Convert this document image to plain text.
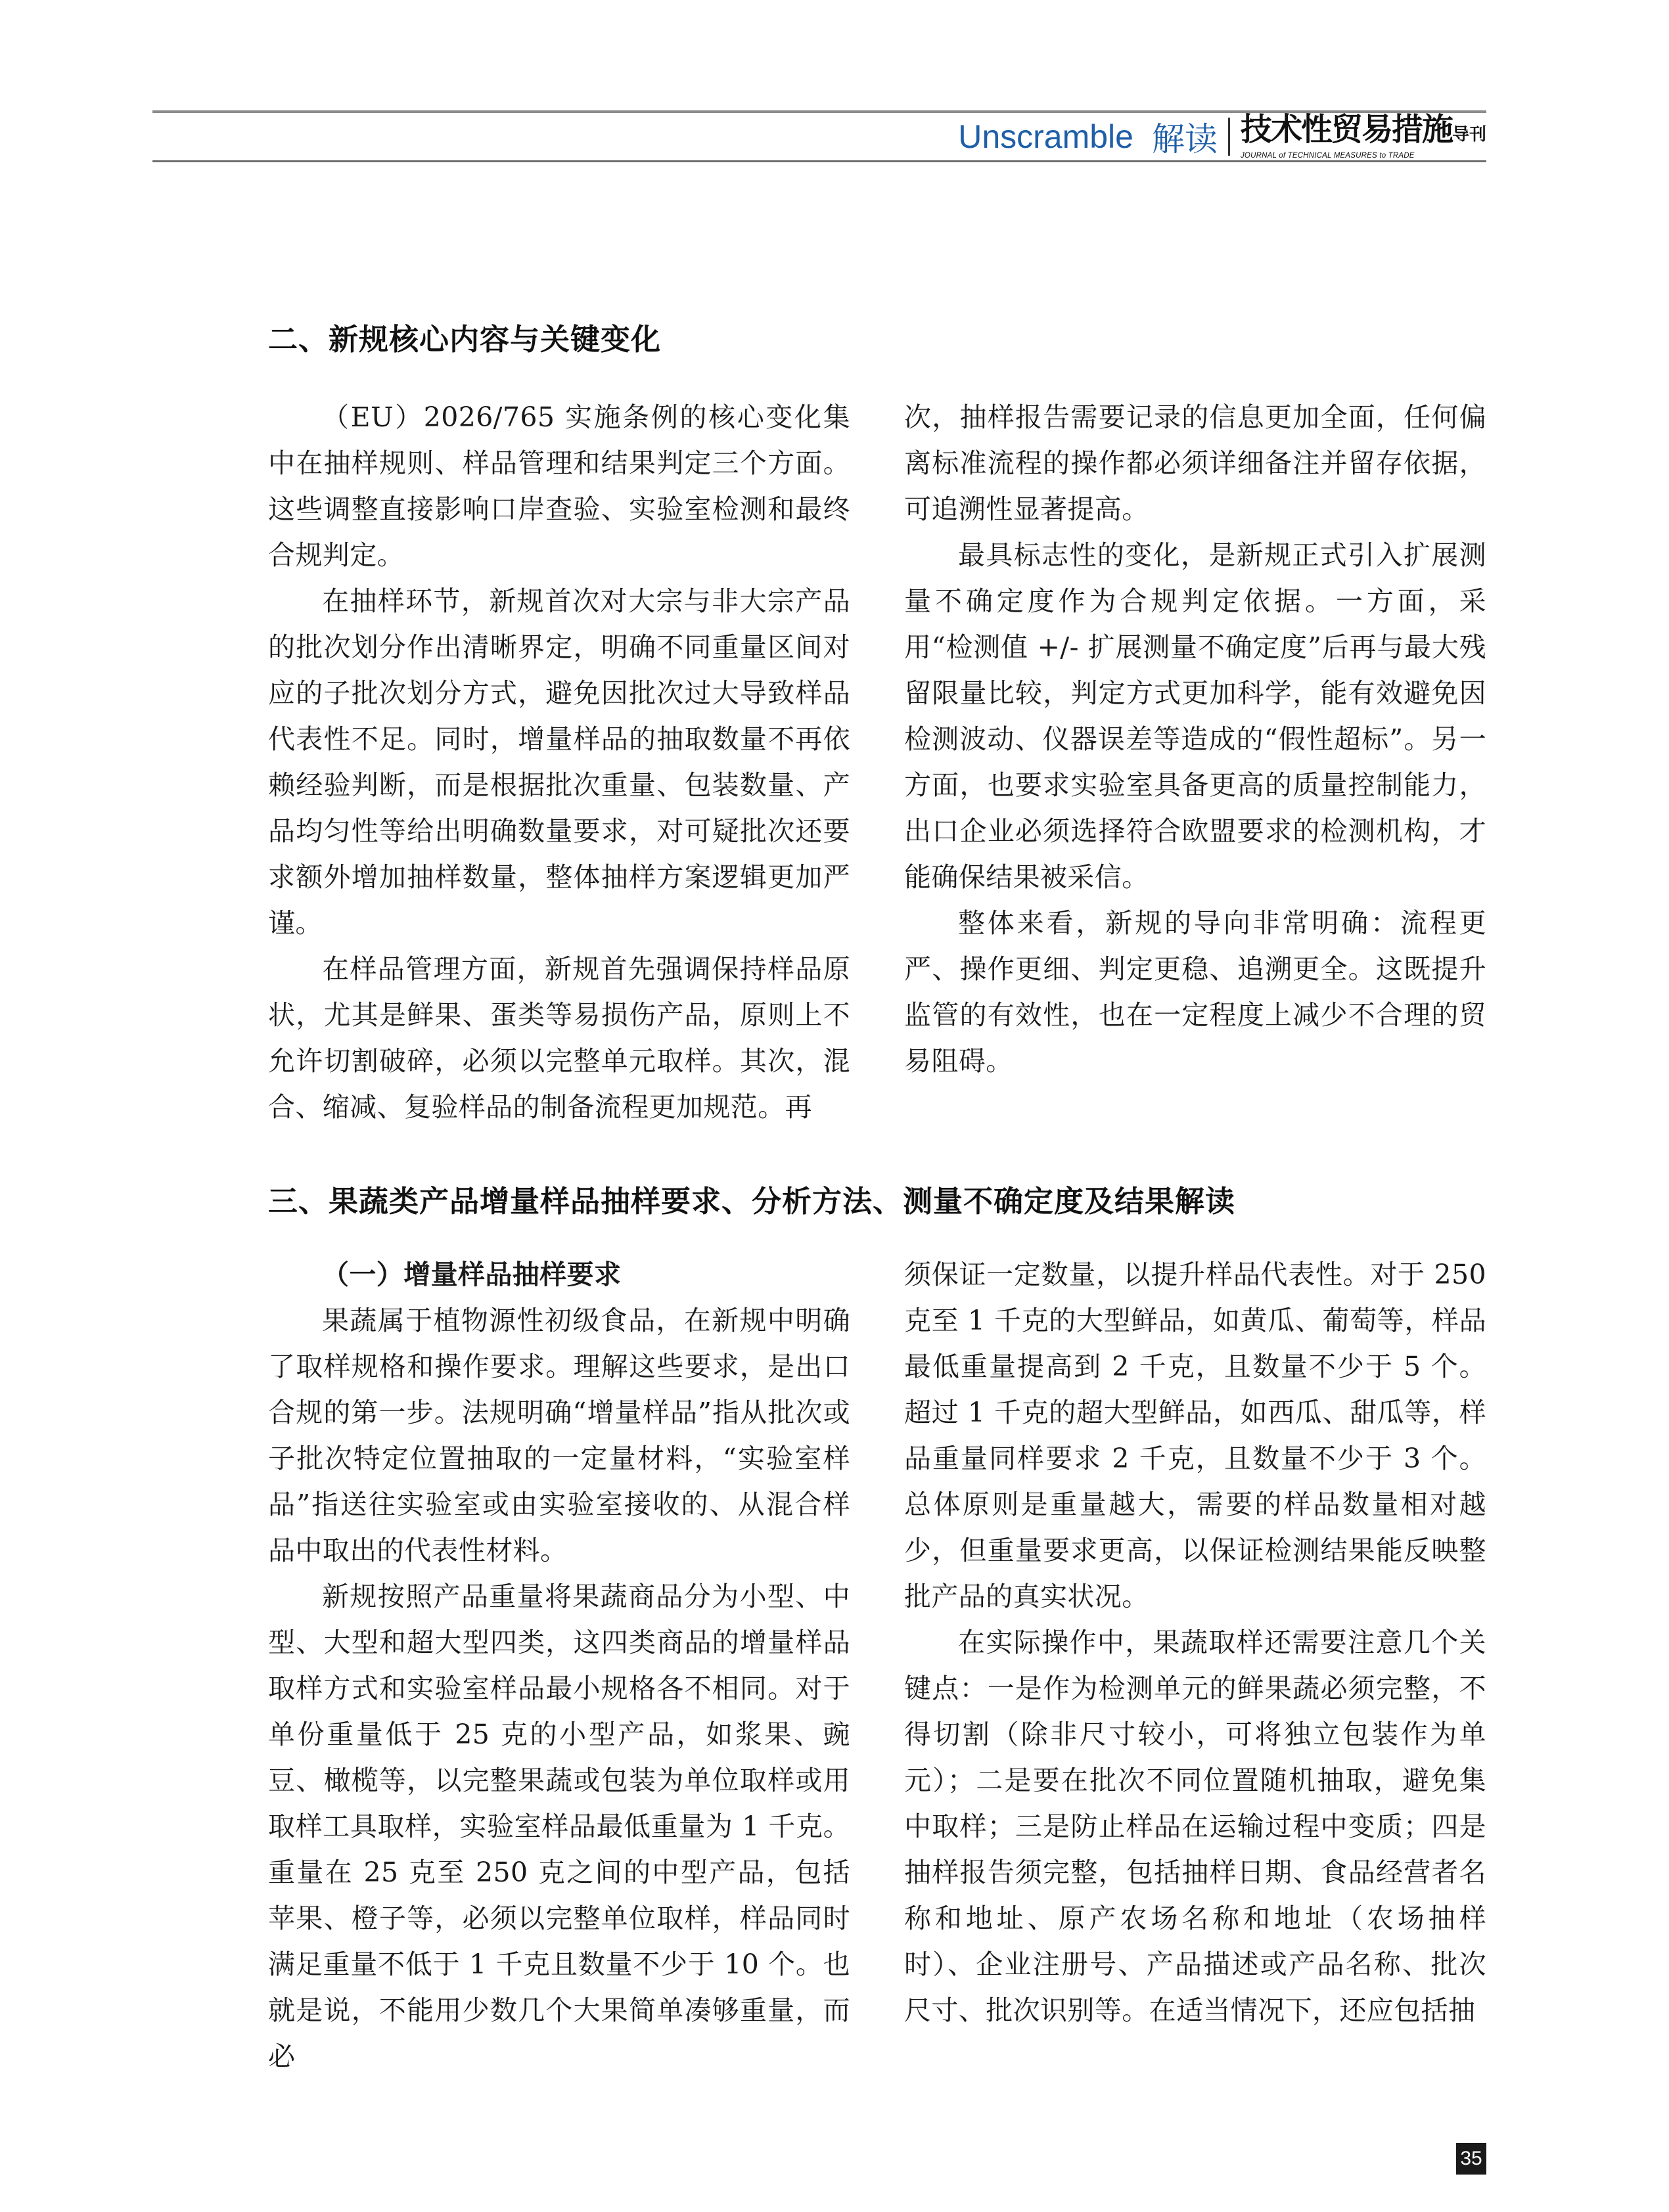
Unscramble 解读 技术性贸易措施导刊
JOURNAL of TECHNICAL MEASURES to TRADE
二、新规核心内容与关键变化

（EU）2026/765 实施条例的核心变化集中在抽样规则、样品管理和结果判定三个方面。这些调整直接影响口岸查验、实验室检测和最终合规判定。

在抽样环节，新规首次对大宗与非大宗产品的批次划分作出清晰界定，明确不同重量区间对应的子批次划分方式，避免因批次过大导致样品代表性不足。同时，增量样品的抽取数量不再依赖经验判断，而是根据批次重量、包装数量、产品均匀性等给出明确数量要求，对可疑批次还要求额外增加抽样数量，整体抽样方案逻辑更加严谨。

在样品管理方面，新规首先强调保持样品原状，尤其是鲜果、蛋类等易损伤产品，原则上不允许切割破碎，必须以完整单元取样。其次，混合、缩减、复验样品的制备流程更加规范。再

次，抽样报告需要记录的信息更加全面，任何偏离标准流程的操作都必须详细备注并留存依据，可追溯性显著提高。

最具标志性的变化，是新规正式引入扩展测量不确定度作为合规判定依据。一方面，采用“检测值 +/- 扩展测量不确定度”后再与最大残留限量比较，判定方式更加科学，能有效避免因检测波动、仪器误差等造成的“假性超标”。另一方面，也要求实验室具备更高的质量控制能力，出口企业必须选择符合欧盟要求的检测机构，才能确保结果被采信。

整体来看，新规的导向非常明确：流程更严、操作更细、判定更稳、追溯更全。这既提升监管的有效性，也在一定程度上减少不合理的贸易阻碍。

三、果蔬类产品增量样品抽样要求、分析方法、测量不确定度及结果解读

（一）增量样品抽样要求

果蔬属于植物源性初级食品，在新规中明确了取样规格和操作要求。理解这些要求，是出口合规的第一步。法规明确“增量样品”指从批次或子批次特定位置抽取的一定量材料，“实验室样品”指送往实验室或由实验室接收的、从混合样品中取出的代表性材料。

新规按照产品重量将果蔬商品分为小型、中型、大型和超大型四类，这四类商品的增量样品取样方式和实验室样品最小规格各不相同。对于单份重量低于 25 克的小型产品，如浆果、豌豆、橄榄等，以完整果蔬或包装为单位取样或用取样工具取样，实验室样品最低重量为 1 千克。重量在 25 克至 250 克之间的中型产品，包括苹果、橙子等，必须以完整单位取样，样品同时满足重量不低于 1 千克且数量不少于 10 个。也就是说，不能用少数几个大果简单凑够重量，而必

须保证一定数量，以提升样品代表性。对于 250 克至 1 千克的大型鲜品，如黄瓜、葡萄等，样品最低重量提高到 2 千克，且数量不少于 5 个。超过 1 千克的超大型鲜品，如西瓜、甜瓜等，样品重量同样要求 2 千克，且数量不少于 3 个。总体原则是重量越大，需要的样品数量相对越少，但重量要求更高，以保证检测结果能反映整批产品的真实状况。

在实际操作中，果蔬取样还需要注意几个关键点：一是作为检测单元的鲜果蔬必须完整，不得切割（除非尺寸较小，可将独立包装作为单元）；二是要在批次不同位置随机抽取，避免集中取样；三是防止样品在运输过程中变质；四是抽样报告须完整，包括抽样日期、食品经营者名称和地址、原产农场名称和地址（农场抽样时）、企业注册号、产品描述或产品名称、批次尺寸、批次识别等。在适当情况下，还应包括抽

35
